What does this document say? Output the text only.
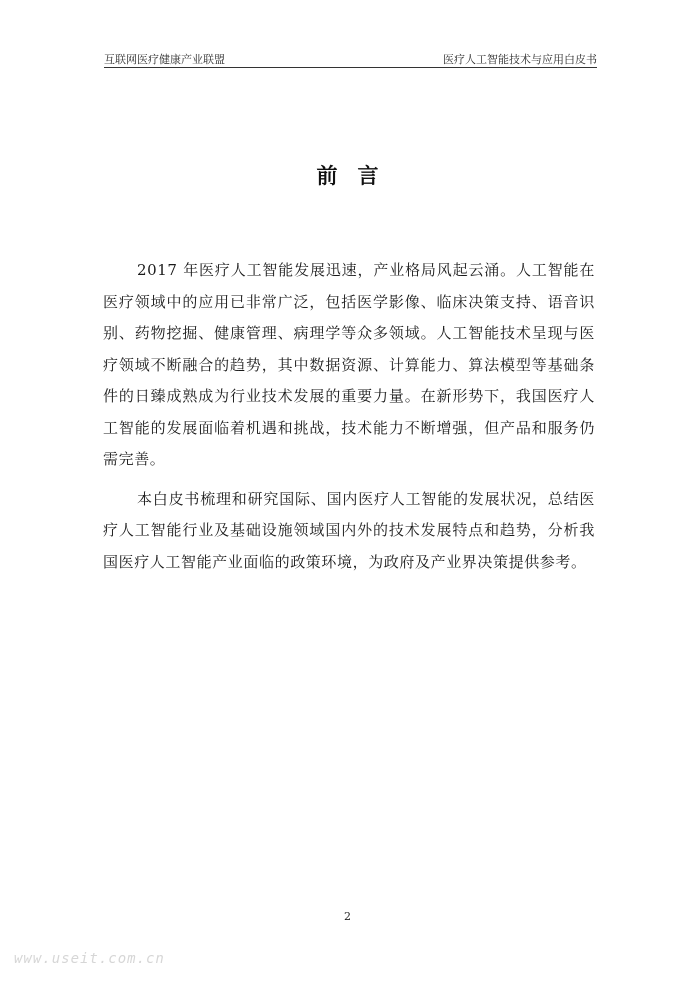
互联网医疗健康产业联盟	医疗人工智能技术与应用白皮书
前言

2017 年医疗人工智能发展迅速，产业格局风起云涌。人工智能在医疗领域中的应用已非常广泛，包括医学影像、临床决策支持、语音识别、药物挖掘、健康管理、病理学等众多领域。人工智能技术呈现与医疗领域不断融合的趋势，其中数据资源、计算能力、算法模型等基础条件的日臻成熟成为行业技术发展的重要力量。在新形势下，我国医疗人工智能的发展面临着机遇和挑战，技术能力不断增强，但产品和服务仍需完善。

本白皮书梳理和研究国际、国内医疗人工智能的发展状况，总结医疗人工智能行业及基础设施领域国内外的技术发展特点和趋势，分析我国医疗人工智能产业面临的政策环境，为政府及产业界决策提供参考。

2
www.useit.com.cn
